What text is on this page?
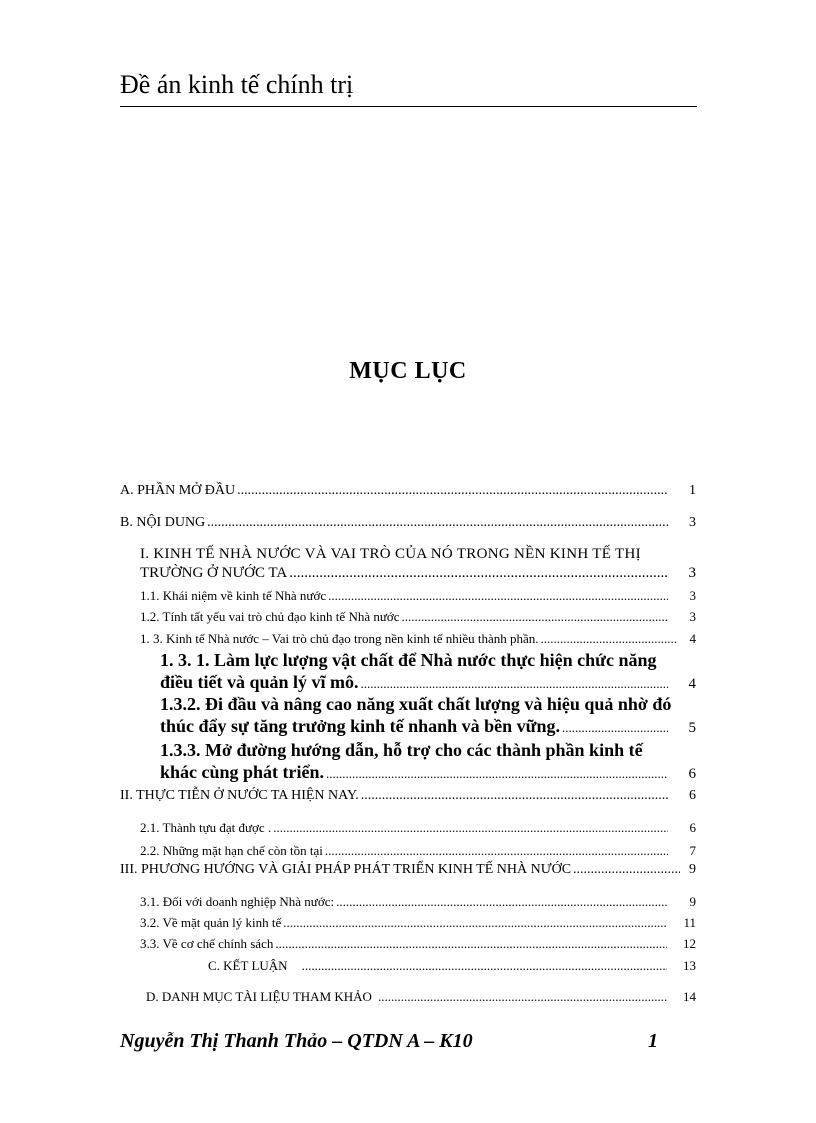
Đề án kinh tế chính trị
MỤC LỤC
A. PHẦN MỞ ĐẦU .....	1
B. NỘI DUNG .....	3
I. KINH TẾ NHÀ NƯỚC VÀ VAI TRÒ CỦA NÓ TRONG NỀN KINH TẾ THỊ
TRƯỜNG Ở NƯỚC TA .....	3
1.1. Khái niệm về kinh tế Nhà nước .....	3
1.2. Tính tất yếu vai trò chủ đạo kinh tế Nhà nước .....	3
1. 3. Kinh tế Nhà nước – Vai trò chủ đạo trong nền kinh tế nhiều thành phần. .....	4
1. 3. 1. Làm lực lượng vật chất để Nhà nước thực hiện chức năng
điều tiết và quản lý vĩ mô. .....	4
1.3.2. Đi đầu và nâng cao năng xuất chất lượng và hiệu quả nhờ đó
thúc đẩy sự tăng trưởng kinh tế nhanh và bền vững. .....	5
1.3.3. Mở đường hướng dẫn, hỗ trợ cho các thành phần kinh tế
khác cùng phát triển. .....	6
II. THỰC TIỄN Ở NƯỚC TA HIỆN NAY. .....	6
2.1. Thành tựu đạt được . .....	6
2.2. Những mặt hạn chế còn tồn tại .....	7
III. PHƯƠNG HƯỚNG VÀ GIẢI PHÁP PHÁT TRIỂN KINH TẾ NHÀ NƯỚC .....	9
3.1. Đối với doanh nghiệp Nhà nước: .....	9
3.2. Về mặt quản lý kinh tế .....	11
3.3. Về cơ chế chính sách .....	12
C. KẾT LUẬN .....	13
D. DANH MỤC TÀI LIỆU THAM KHẢO .....	14
Nguyễn Thị Thanh Thảo – QTDN A – K10	1
